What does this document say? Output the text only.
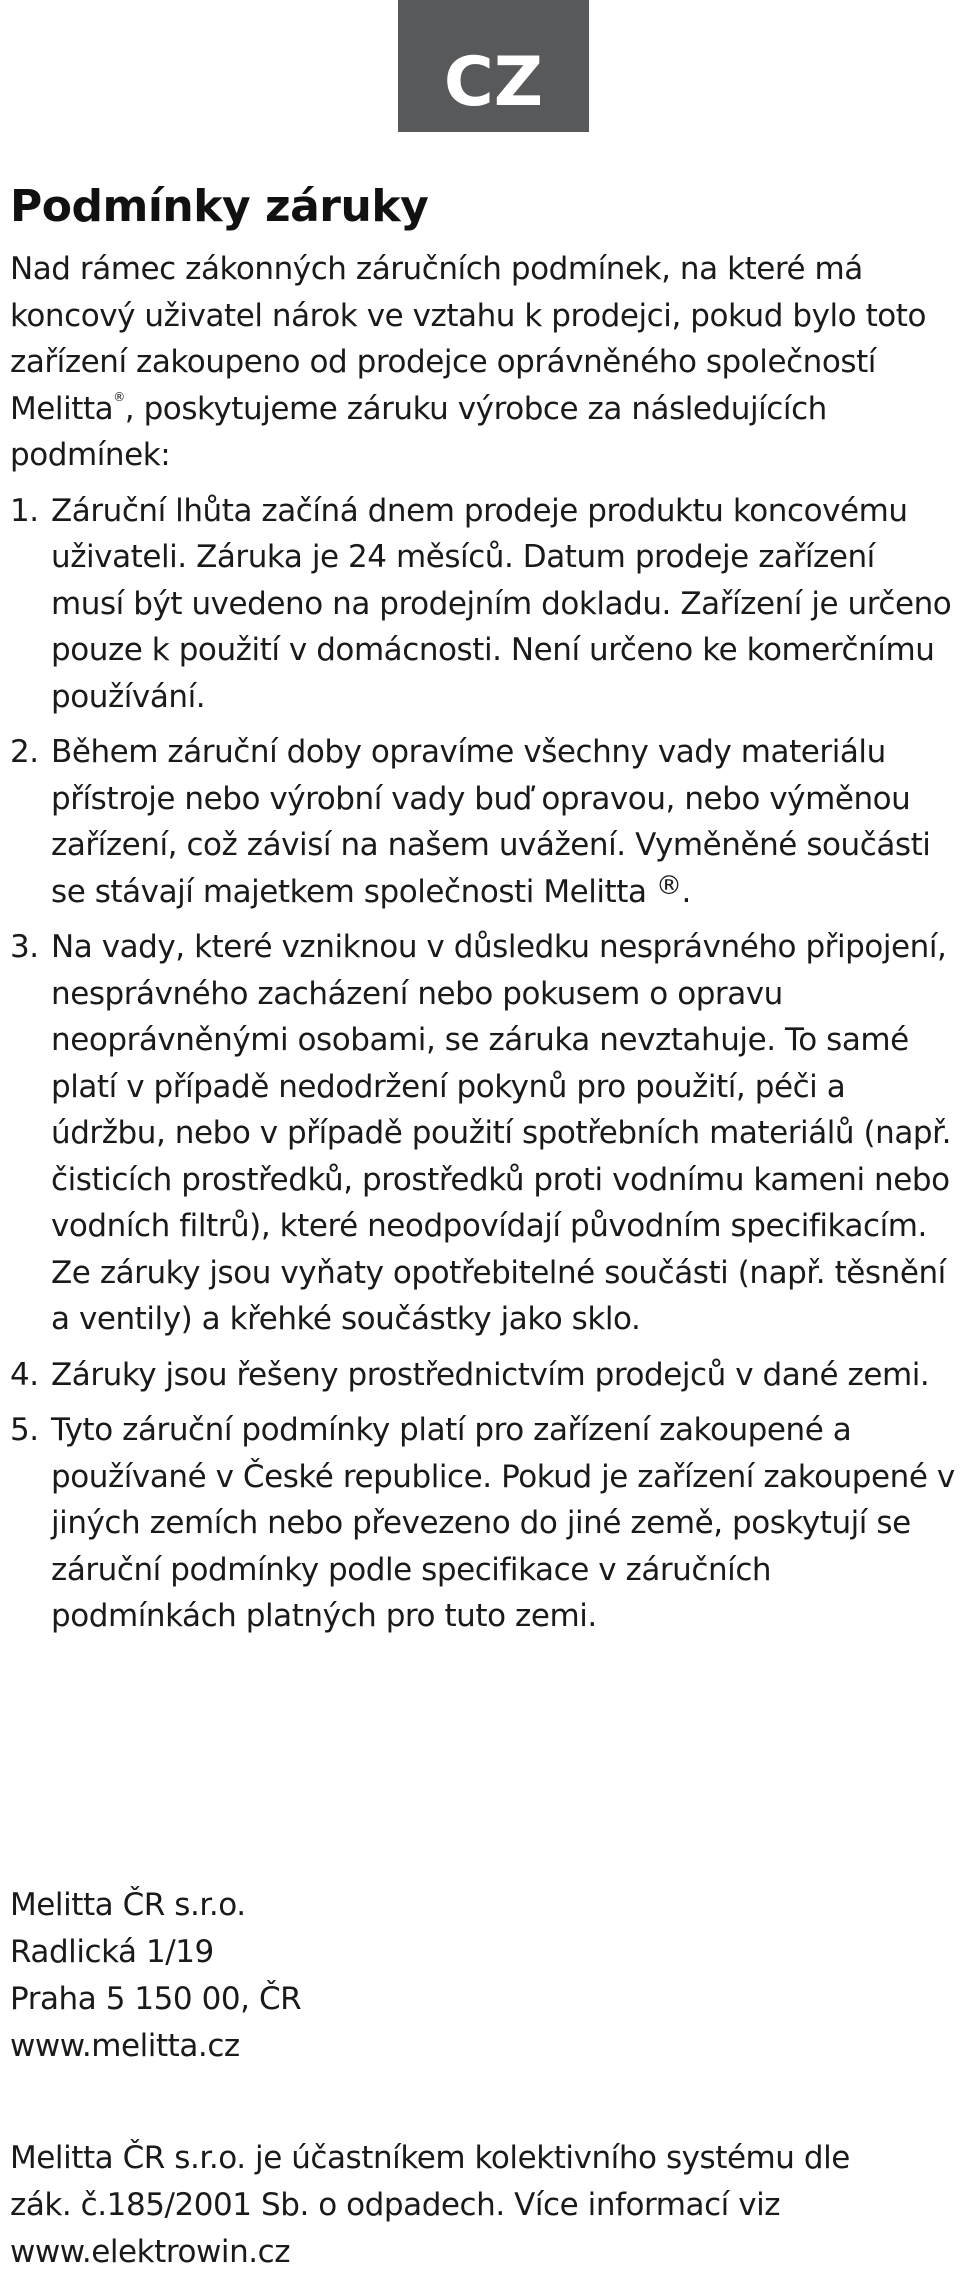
CZ
Podmínky záruky

Nad rámec zákonných záručních podmínek, na které má koncový uživatel nárok ve vztahu k prodejci, pokud bylo toto zařízení zakoupeno od prodejce oprávněného společností Melitta®, poskytujeme záruku výrobce za následujících podmínek:

1. Záruční lhůta začíná dnem prodeje produktu koncovému uživateli. Záruka je 24 měsíců. Datum prodeje zařízení musí být uvedeno na prodejním dokladu. Zařízení je určeno pouze k použití v domácnosti. Není určeno ke komerčnímu používání.
2. Během záruční doby opravíme všechny vady materiálu přístroje nebo výrobní vady buď opravou, nebo výměnou zařízení, což závisí na našem uvážení. Vyměněné součásti se stávají majetkem společnosti Melitta ®.
3. Na vady, které vzniknou v důsledku nesprávného připojení, nesprávného zacházení nebo pokusem o opravu neoprávněnými osobami, se záruka nevztahuje. To samé platí v případě nedodržení pokynů pro použití, péči a údržbu, nebo v případě použití spotřebních materiálů (např. čisticích prostředků, prostředků proti vodnímu kameni nebo vodních filtrů), které neodpovídají původním specifikacím. Ze záruky jsou vyňaty opotřebitelné součásti (např. těsnění a ventily) a křehké součástky jako sklo.
4. Záruky jsou řešeny prostřednictvím prodejců v dané zemi.
5. Tyto záruční podmínky platí pro zařízení zakoupené a používané v České republice. Pokud je zařízení zakoupené v jiných zemích nebo převezeno do jiné země, poskytují se záruční podmínky podle specifikace v záručních podmínkách platných pro tuto zemi.

Melitta ČR s.r.o.

Radlická 1/19

Praha 5 150 00, ČR

www.melitta.cz

Melitta ČR s.r.o. je účastníkem kolektivního systému dle

zák. č.185/2001 Sb. o odpadech. Více informací viz

www.elektrowin.cz
